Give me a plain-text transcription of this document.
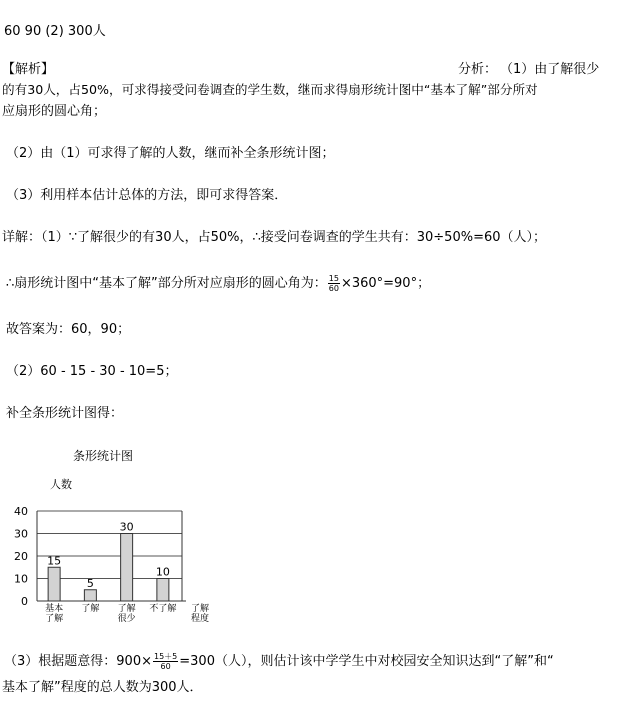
60 90 (2) 300人
【解析】	分析： （1）由了解很少
的有30人，占50%，可求得接受问卷调查的学生数，继而求得扇形统计图中“基本了解”部分所对
应扇形的圆心角；
（2）由（1）可求得了解的人数，继而补全条形统计图；
（3）利用样本估计总体的方法，即可求得答案．
详解：（1）∵了解很少的有30人，占50%，∴接受问卷调查的学生共有：30÷50%=60（人）；
∴扇形统计图中“基本了解”部分所对应扇形的圆心角为： $\frac{15}{60} \times 360^\circ=90^\circ$；
故答案为：60，90；
（2）60 - 15 - 30 - 10=5；
补全条形统计图得：
条形统计图
人数
0
10
20
30
40
15
基本
了解
5
了解
30
了解
很少
10
不了解 了解
程度
（3）根据题意得：$900\times \frac{15+5}{60} =300$（人），则估计该中学学生中对校园安全知识达到“了解”和“
基本了解”程度的总人数为300人．
